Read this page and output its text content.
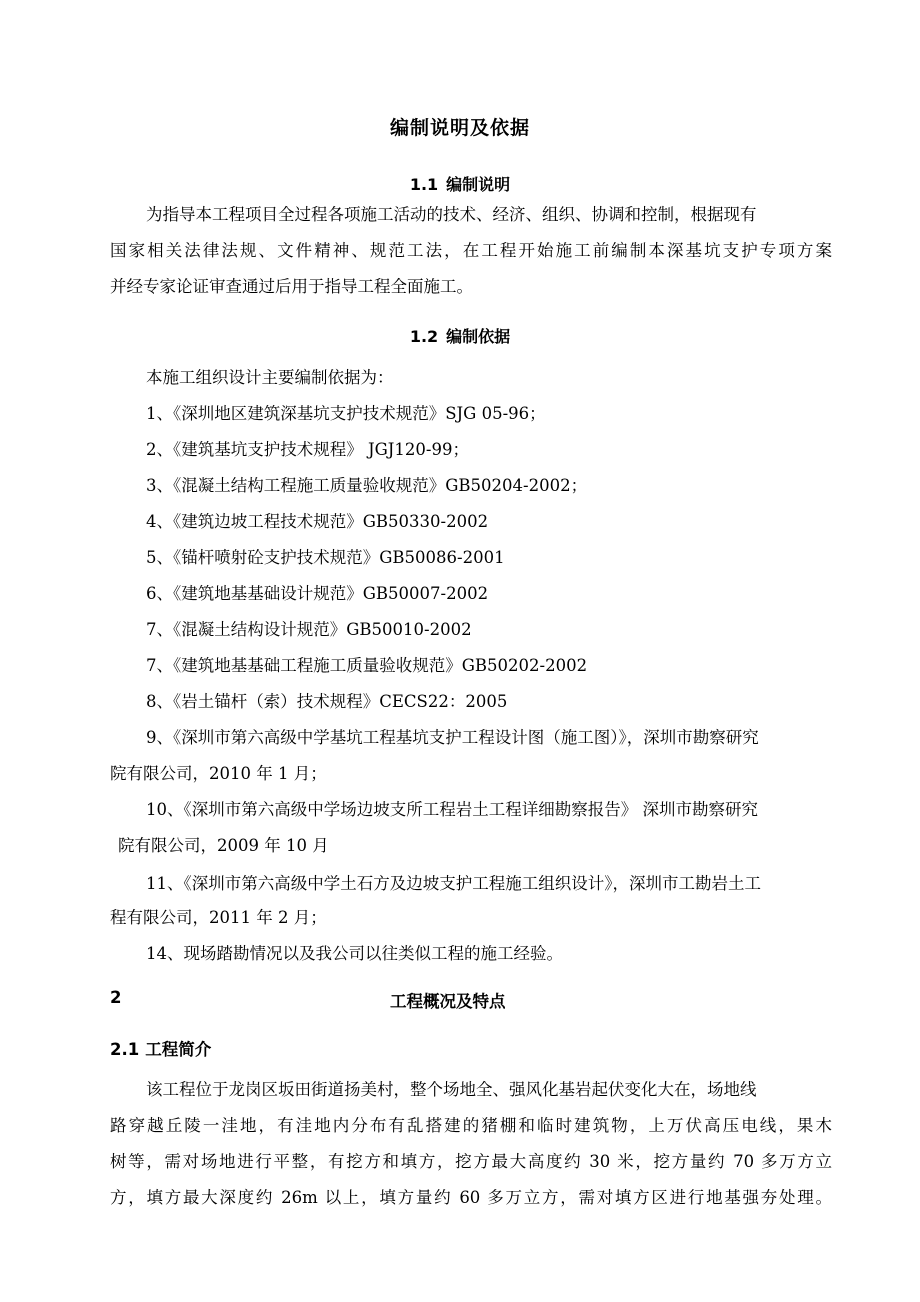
编制说明及依据
1.1 编制说明
为指导本工程项目全过程各项施工活动的技术、经济、组织、协调和控制，根据现有
国家相关法律法规、文件精神、规范工法，在工程开始施工前编制本深基坑支护专项方案
并经专家论证审查通过后用于指导工程全面施工。
1.2 编制依据
本施工组织设计主要编制依据为：
1、《深圳地区建筑深基坑支护技术规范》SJG 05-96；
2、《建筑基坑支护技术规程》 JGJ120-99；
3、《混凝土结构工程施工质量验收规范》GB50204-2002；
4、《建筑边坡工程技术规范》GB50330-2002
5、《锚杆喷射砼支护技术规范》GB50086-2001
6、《建筑地基基础设计规范》GB50007-2002
7、《混凝土结构设计规范》GB50010-2002
7、《建筑地基基础工程施工质量验收规范》GB50202-2002
8、《岩土锚杆（索）技术规程》CECS22：2005
9、《深圳市第六高级中学基坑工程基坑支护工程设计图（施工图）》，深圳市勘察研究
院有限公司，2010 年 1 月；
10、《深圳市第六高级中学场边坡支所工程岩土工程详细勘察报告》 深圳市勘察研究
院有限公司，2009 年 10 月
11、《深圳市第六高级中学土石方及边坡支护工程施工组织设计》，深圳市工勘岩土工
程有限公司，2011 年 2 月；
14、现场踏勘情况以及我公司以往类似工程的施工经验。
2	工程概况及特点
2.1 工程简介
该工程位于龙岗区坂田街道扬美村，整个场地全、强风化基岩起伏变化大在，场地线
路穿越丘陵一洼地，有洼地内分布有乱搭建的猪棚和临时建筑物，上万伏高压电线，果木
树等，需对场地进行平整，有挖方和填方，挖方最大高度约 30 米，挖方量约 70 多万方立
方，填方最大深度约 26m 以上，填方量约 60 多万立方，需对填方区进行地基强夯处理。
